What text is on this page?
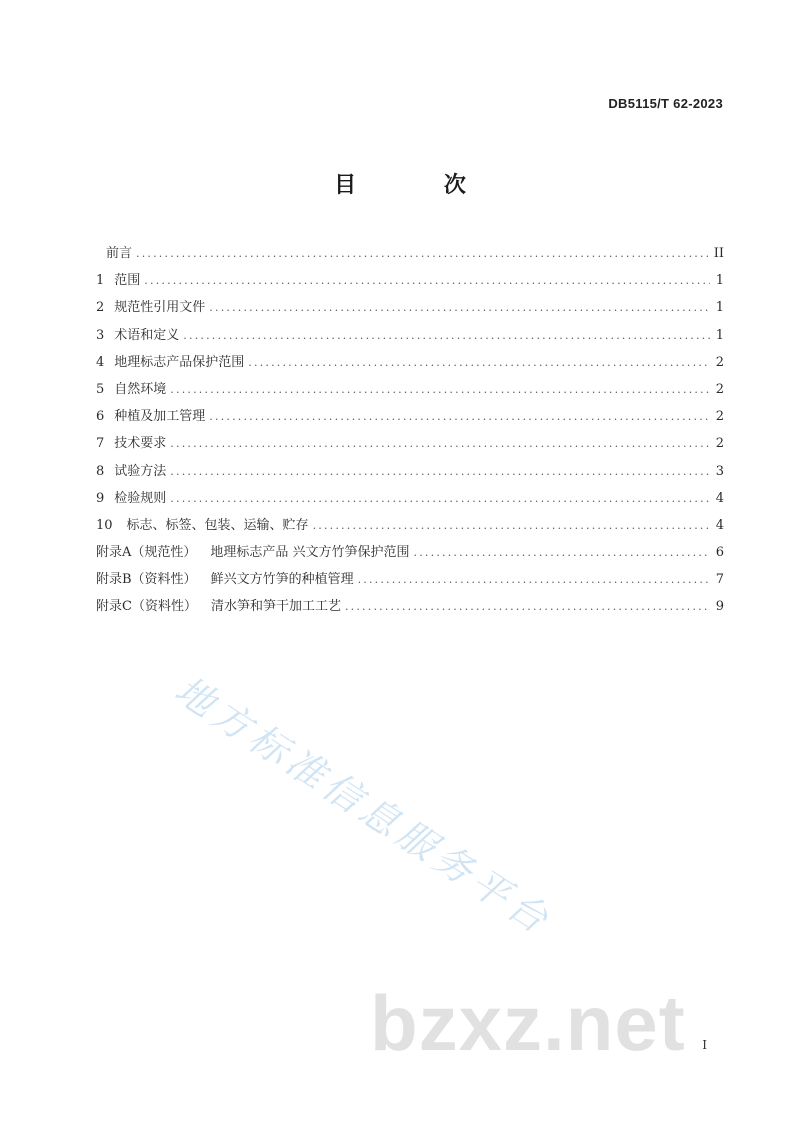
DB5115/T 62-2023
目 次
前言 .....	II
1 范围 .....	1
2 规范性引用文件 .....	1
3 术语和定义 .....	1
4 地理标志产品保护范围 .....	2
5 自然环境 .....	2
6 种植及加工管理 .....	2
7 技术要求 .....	2
8 试验方法 .....	3
9 检验规则 .....	4
10 标志、标签、包装、运输、贮存 .....	4
附录A（规范性） 地理标志产品 兴文方竹笋保护范围 .....	6
附录B（资料性） 鲜兴文方竹笋的种植管理 .....	7
附录C（资料性） 清水笋和笋干加工工艺 .....	9
地方标准信息服务平台
bzxz.net I
